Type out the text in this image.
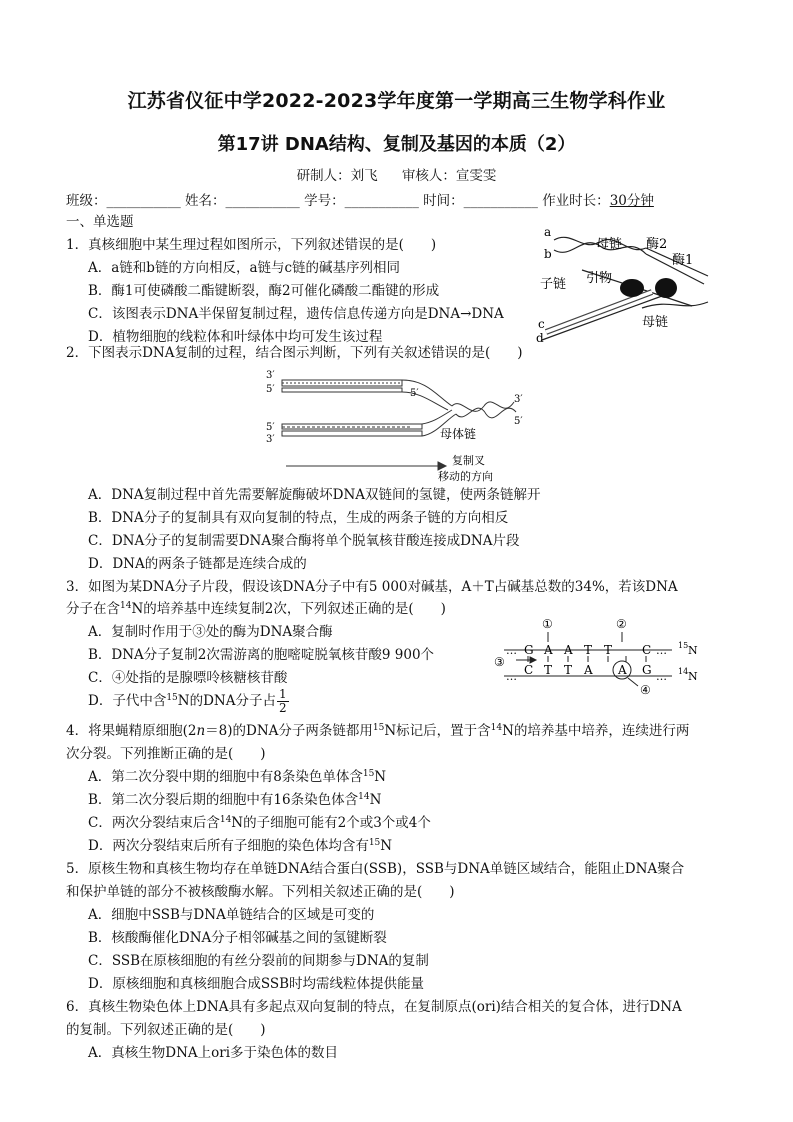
江苏省仪征中学2022-2023学年度第一学期高三生物学科作业
第17讲 DNA结构、复制及基因的本质（2）
研制人：刘飞 审核人：宣雯雯
班级：___________ 姓名：___________ 学号：___________ 时间：___________ 作业时长：30分钟
一、单选题
1．真核细胞中某生理过程如图所示，下列叙述错误的是(　　)
A．a链和b链的方向相反，a链与c链的碱基序列相同
B．酶1可使磷酸二酯键断裂，酶2可催化磷酸二酯键的形成
C．该图表示DNA半保留复制过程，遗传信息传递方向是DNA→DNA
D．植物细胞的线粒体和叶绿体中均可发生该过程
a
b
c
d
母链 酶2
酶1
子链 引物
母链
2．下图表示DNA复制的过程，结合图示判断，下列有关叙述错误的是(　　)
3′
5′
5′
3′
5′
3′
5′
母体链
复制叉
移动的方向
A．DNA复制过程中首先需要解旋酶破坏DNA双链间的氢键，使两条链解开
B．DNA分子的复制具有双向复制的特点，生成的两条子链的方向相反
C．DNA分子的复制需要DNA聚合酶将单个脱氧核苷酸连接成DNA片段
D．DNA的两条子链都是连续合成的
3．如图为某DNA分子片段，假设该DNA分子中有5 000对碱基，A＋T占碱基总数的34%，若该DNA
分子在含$^{14}$N的培养基中连续复制2次，下列叙述正确的是(　　)
A．复制时作用于③处的酶为DNA聚合酶
B．DNA分子复制2次需游离的胞嘧啶脱氧核苷酸9 900个
C．④处指的是腺嘌呤核糖核苷酸
D．子代中含$^{15}$N的DNA分子占 $\frac{1}{2}$
①	②
③
④
…
…
…
…
G A A T T C
C T T A A G
15 N
14 N
4．将果蝇精原细胞(2n＝8)的DNA分子两条链都用$^{15}$N标记后，置于含$^{14}$N的培养基中培养，连续进行两
次分裂。下列推断正确的是(　　)
A．第二次分裂中期的细胞中有8条染色单体含$^{15}$N
B．第二次分裂后期的细胞中有16条染色体含$^{14}$N
C．两次分裂结束后含$^{14}$N的子细胞可能有2个或3个或4个
D．两次分裂结束后所有子细胞的染色体均含有$^{15}$N
5．原核生物和真核生物均存在单链DNA结合蛋白(SSB)，SSB与DNA单链区域结合，能阻止DNA聚合
和保护单链的部分不被核酸酶水解。下列相关叙述正确的是(　　)
A．细胞中SSB与DNA单链结合的区域是可变的
B．核酸酶催化DNA分子相邻碱基之间的氢键断裂
C．SSB在原核细胞的有丝分裂前的间期参与DNA的复制
D．原核细胞和真核细胞合成SSB时均需线粒体提供能量
6．真核生物染色体上DNA具有多起点双向复制的特点，在复制原点(ori)结合相关的复合体，进行DNA
的复制。下列叙述正确的是(　　)
A．真核生物DNA上ori多于染色体的数目
